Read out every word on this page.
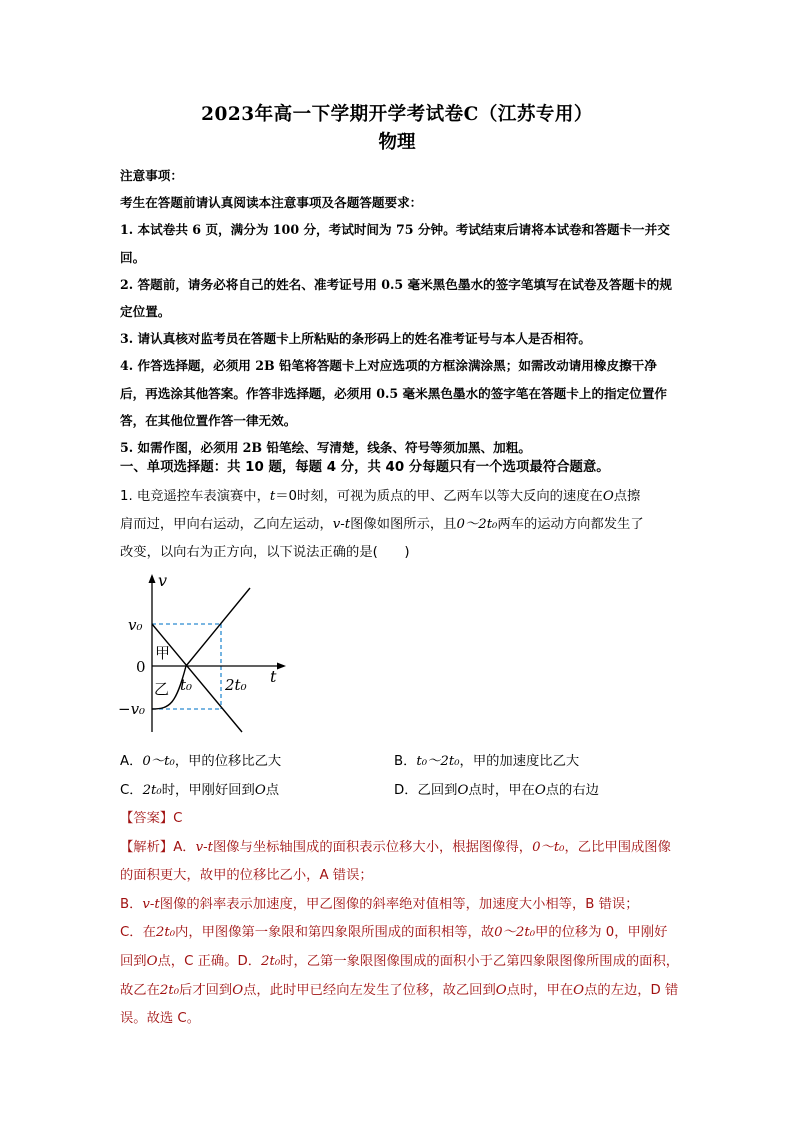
2023年高一下学期开学考试卷C（江苏专用）
物理

注意事项：

考生在答题前请认真阅读本注意事项及各题答题要求：

1. 本试卷共 6 页，满分为 100 分，考试时间为 75 分钟。考试结束后请将本试卷和答题卡一并交回。

2. 答题前，请务必将自己的姓名、准考证号用 0.5 毫米黑色墨水的签字笔填写在试卷及答题卡的规定位置。

3. 请认真核对监考员在答题卡上所粘贴的条形码上的姓名准考证号与本人是否相符。

4. 作答选择题，必须用 2B 铅笔将答题卡上对应选项的方框涂满涂黑；如需改动请用橡皮擦干净后，再选涂其他答案。作答非选择题，必须用 0.5 毫米黑色墨水的签字笔在答题卡上的指定位置作答，在其他位置作答一律无效。

5. 如需作图，必须用 2B 铅笔绘、写清楚，线条、符号等须加黑、加粗。

一、单项选择题：共 10 题，每题 4 分，共 40 分每题只有一个选项最符合题意。

1. 电竞遥控车表演赛中，t＝0时刻，可视为质点的甲、乙两车以等大反向的速度在O点擦

肩而过，甲向右运动，乙向左运动，v-t图像如图所示，且0～2t₀两车的运动方向都发生了

改变，以向右为正方向，以下说法正确的是(　　)

v
t
v₀
−v₀
0
t₀ 2t₀
甲
乙
A．0～t₀，甲的位移比乙大	B．t₀～2t₀，甲的加速度比乙大
C．2t₀时，甲刚好回到O点	D．乙回到O点时，甲在O点的右边

【答案】C

【解析】A．v-t图像与坐标轴围成的面积表示位移大小，根据图像得，0～t₀，乙比甲围成图像的面积更大，故甲的位移比乙小，A 错误；

B．v-t图像的斜率表示加速度，甲乙图像的斜率绝对值相等，加速度大小相等，B 错误；

C．在2t₀内，甲图像第一象限和第四象限所围成的面积相等，故0～2t₀甲的位移为 0，甲刚好回到O点，C 正确。D．2t₀时，乙第一象限图像围成的面积小于乙第四象限图像所围成的面积，故乙在2t₀后才回到O点，此时甲已经向左发生了位移，故乙回到O点时，甲在O点的左边，D 错误。故选 C。
